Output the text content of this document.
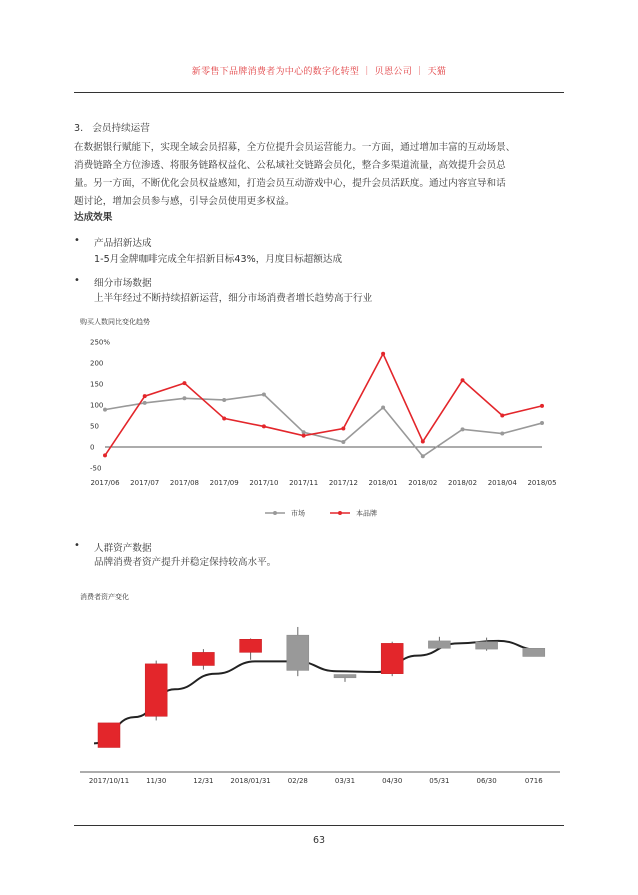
新零售下品牌消费者为中心的数字化转型 ｜ 贝恩公司 ｜ 天猫
3. 会员持续运营
在数据银行赋能下，实现全域会员招募，全方位提升会员运营能力。一方面，通过增加丰富的互动场景、
消费链路全方位渗透、将服务链路权益化、公私域社交链路会员化，整合多渠道流量，高效提升会员总
量。另一方面，不断优化会员权益感知，打造会员互动游戏中心，提升会员活跃度。通过内容宣导和话
题讨论，增加会员参与感，引导会员使用更多权益。
达成效果
• 产品招新达成
1-5月金牌咖啡完成全年招新目标43%，月度目标超额达成
• 细分市场数据
上半年经过不断持续招新运营，细分市场消费者增长趋势高于行业
购买人数同比变化趋势
250%
200
150
100
50
0
-50
2017/06 2017/07 2017/08 2017/09 2017/10 2017/11 2017/12 2018/01 2018/02 2018/02 2018/04 2018/05
市场	本品牌
• 人群资产数据
品牌消费者资产提升并稳定保持较高水平。
消费者资产变化
2017/10/11 11/30	12/31 2018/01/31 02/28	03/31	04/30	05/31	06/30	0716
63
